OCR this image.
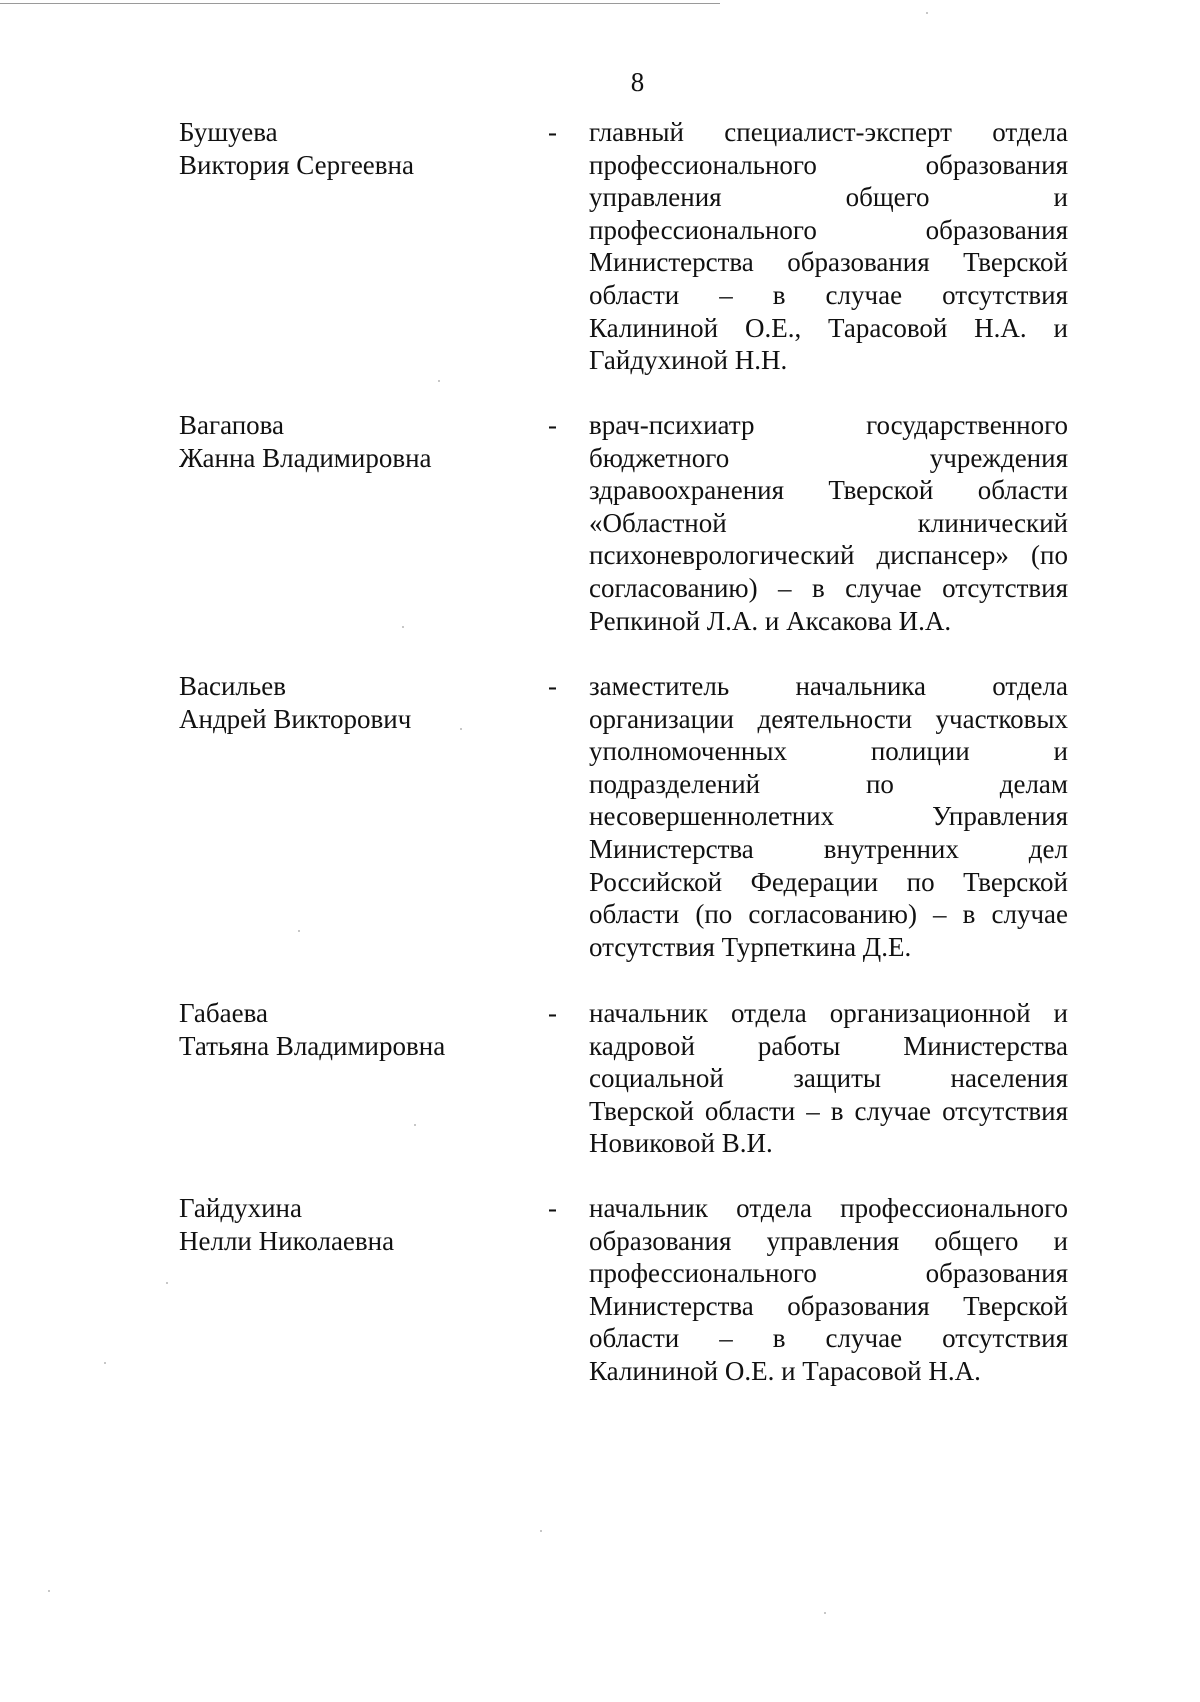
8
Бушуева
Виктория Сергеевна
- главный специалист-эксперт отдела
профессионального образования
управления общего и
профессионального образования
Министерства образования Тверской
области – в случае отсутствия
Калининой О.Е., Тарасовой Н.А. и
Гайдухиной Н.Н.
Вагапова
Жанна Владимировна
- врач-психиатр государственного
бюджетного учреждения
здравоохранения Тверской области
«Областной клинический
психоневрологический диспансер» (по
согласованию) – в случае отсутствия
Репкиной Л.А. и Аксакова И.А.
Васильев
Андрей Викторович
- заместитель начальника отдела
организации деятельности участковых
уполномоченных полиции и
подразделений по делам
несовершеннолетних Управления
Министерства внутренних дел
Российской Федерации по Тверской
области (по согласованию) – в случае
отсутствия Турпеткина Д.Е.
Габаева
Татьяна Владимировна
- начальник отдела организационной и
кадровой работы Министерства
социальной защиты населения
Тверской области – в случае отсутствия
Новиковой В.И.
Гайдухина
Нелли Николаевна
- начальник отдела профессионального
образования управления общего и
профессионального образования
Министерства образования Тверской
области – в случае отсутствия
Калининой О.Е. и Тарасовой Н.А.
